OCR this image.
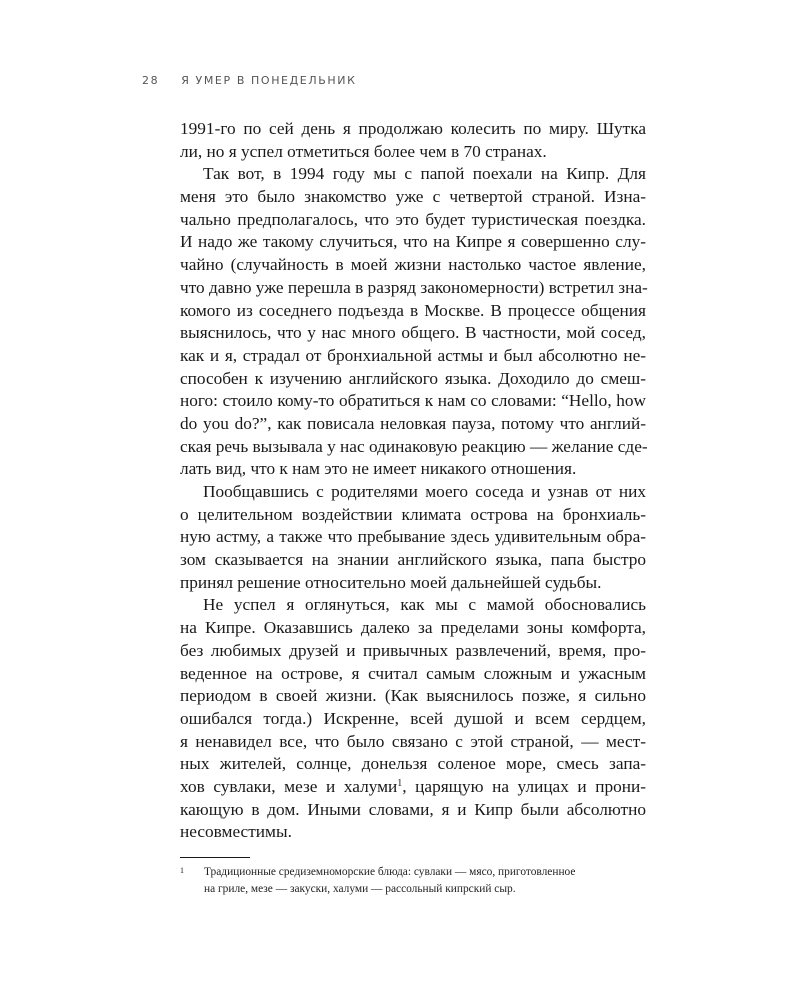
28 Я УМЕР В ПОНЕДЕЛЬНИК
1991-го по сей день я продолжаю колесить по миру. Шутка
ли, но я успел отметиться более чем в 70 странах.
Так вот, в 1994 году мы с папой поехали на Кипр. Для
меня это было знакомство уже с четвертой страной. Изна-
чально предполагалось, что это будет туристическая поездка.
И надо же такому случиться, что на Кипре я совершенно слу-
чайно (случайность в моей жизни настолько частое явление,
что давно уже перешла в разряд закономерности) встретил зна-
комого из соседнего подъезда в Москве. В процессе общения
выяснилось, что у нас много общего. В частности, мой сосед,
как и я, страдал от бронхиальной астмы и был абсолютно не-
способен к изучению английского языка. Доходило до смеш-
ного: стоило кому-то обратиться к нам со словами: “Hello, how
do you do?”, как повисала неловкая пауза, потому что англий-
ская речь вызывала у нас одинаковую реакцию — желание сде-
лать вид, что к нам это не имеет никакого отношения.
Пообщавшись с родителями моего соседа и узнав от них
о целительном воздействии климата острова на бронхиаль-
ную астму, а также что пребывание здесь удивительным обра-
зом сказывается на знании английского языка, папа быстро
принял решение относительно моей дальнейшей судьбы.
Не успел я оглянуться, как мы с мамой обосновались
на Кипре. Оказавшись далеко за пределами зоны комфорта,
без любимых друзей и привычных развлечений, время, про-
веденное на острове, я считал самым сложным и ужасным
периодом в своей жизни. (Как выяснилось позже, я сильно
ошибался тогда.) Искренне, всей душой и всем сердцем,
я ненавидел все, что было связано с этой страной, — мест-
ных жителей, солнце, донельзя соленое море, смесь запа-
хов сувлаки, мезе и халуми$^1$, царящую на улицах и прони-
кающую в дом. Иными словами, я и Кипр были абсолютно
несовместимы.
1	Традиционные средиземноморские блюда: сувлаки — мясо, приготовленное
на гриле, мезе — закуски, халуми — рассольный кипрский сыр.
